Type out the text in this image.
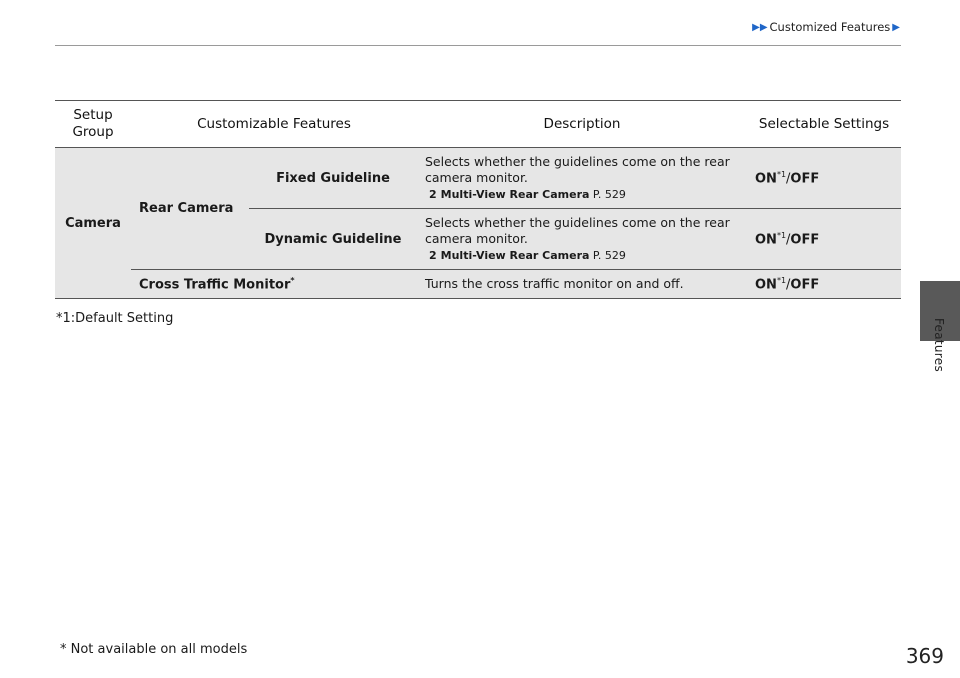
▶▶ Customized Features ▶
Features
Setup Group	Customizable Features		Description	Selectable Settings
Camera	Rear Camera	Fixed Guideline	Selects whether the guidelines come on the rear camera monitor.
2 Multi-View Rear Camera P. 529	ON$^{*1}$/OFF
		Dynamic Guideline	Selects whether the guidelines come on the rear camera monitor.
2 Multi-View Rear Camera P. 529	ON$^{*1}$/OFF
	Cross Traffic Monitor*		Turns the cross traffic monitor on and off.	ON$^{*1}$/OFF
*1:Default Setting
* Not available on all models	369
